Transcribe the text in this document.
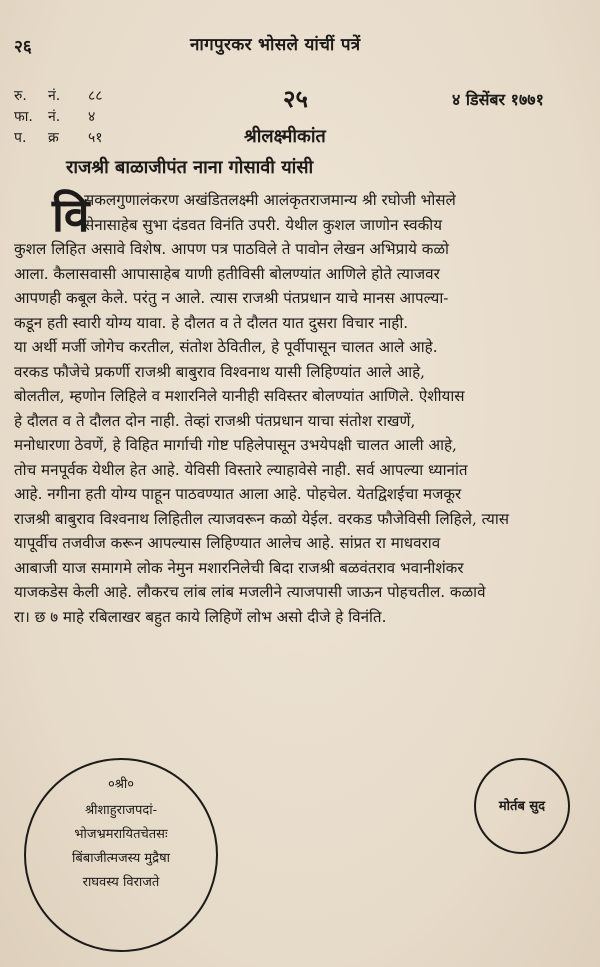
२६	नागपुरकर भोसले यांचीं पत्रें
रु. नं. ८८
फा. नं. ४
प. क्र ५१
२५	४ डिसेंबर १७७१
श्रीलक्ष्मीकांत
राजश्री बाळाजीपंत नाना गोसावी यांसी
वि
सकलगुणालंकरण अखंडितलक्ष्मी आलंकृतराजमान्य श्री रघोजी भोसले
सेनासाहेब सुभा दंडवत विनंति उपरी. येथील कुशल जाणोन स्वकीय
कुशल लिहित असावे विशेष. आपण पत्र पाठविले ते पावोन लेखन अभिप्राये कळो
आला. कैलासवासी आपासाहेब याणी हतीविसी बोलण्यांत आणिले होते त्याजवर
आपणही कबूल केले. परंतु न आले. त्यास राजश्री पंतप्रधान याचे मानस आपल्या-
कडून हती स्वारी योग्य यावा. हे दौलत व ते दौलत यात दुसरा विचार नाही.
या अर्थी मर्जी जोगेच करतील, संतोश ठेवितील, हे पूर्वीपासून चालत आले आहे.
वरकड फौजेचे प्रकर्णी राजश्री बाबुराव विश्वनाथ यासी लिहिण्यांत आले आहे,
बोलतील, म्हणोन लिहिले व मशारनिले यानीही सविस्तर बोलण्यांत आणिले. ऐशीयास
हे दौलत व ते दौलत दोन नाही. तेव्हां राजश्री पंतप्रधान याचा संतोश राखणें,
मनोधारणा ठेवणें, हे विहित मार्गाची गोष्ट पहिलेपासून उभयेपक्षी चालत आली आहे,
तोच मनपूर्वक येथील हेत आहे. येविसी विस्तारे ल्याहावेसे नाही. सर्व आपल्या ध्यानांत
आहे. नगीना हती योग्य पाहून पाठवण्यात आला आहे. पोहचेल. येतद्विशईचा मजकूर
राजश्री बाबुराव विश्वनाथ लिहितील त्याजवरून कळो येईल. वरकड फौजेविसी लिहिले, त्यास
यापूर्वीच तजवीज करून आपल्यास लिहिण्यात आलेच आहे. सांप्रत रा माधवराव
आबाजी याज समागमे लोक नेमुन मशारनिलेची बिदा राजश्री बळवंतराव भवानीशंकर
याजकडेस केली आहे. लौकरच लांब लांब मजलीने त्याजपासी जाऊन पोहचतील. कळावे
रा। छ ७ माहे रबिलाखर बहुत काये लिहिणें लोभ असो दीजे हे विनंति.
०श्री०
श्रीशाहुराजपदां-
भोजभ्रमरायितचेतसः
बिंबाजीत्मजस्य मुद्रैषा
राघवस्य विराजते
मोर्तब सुद
